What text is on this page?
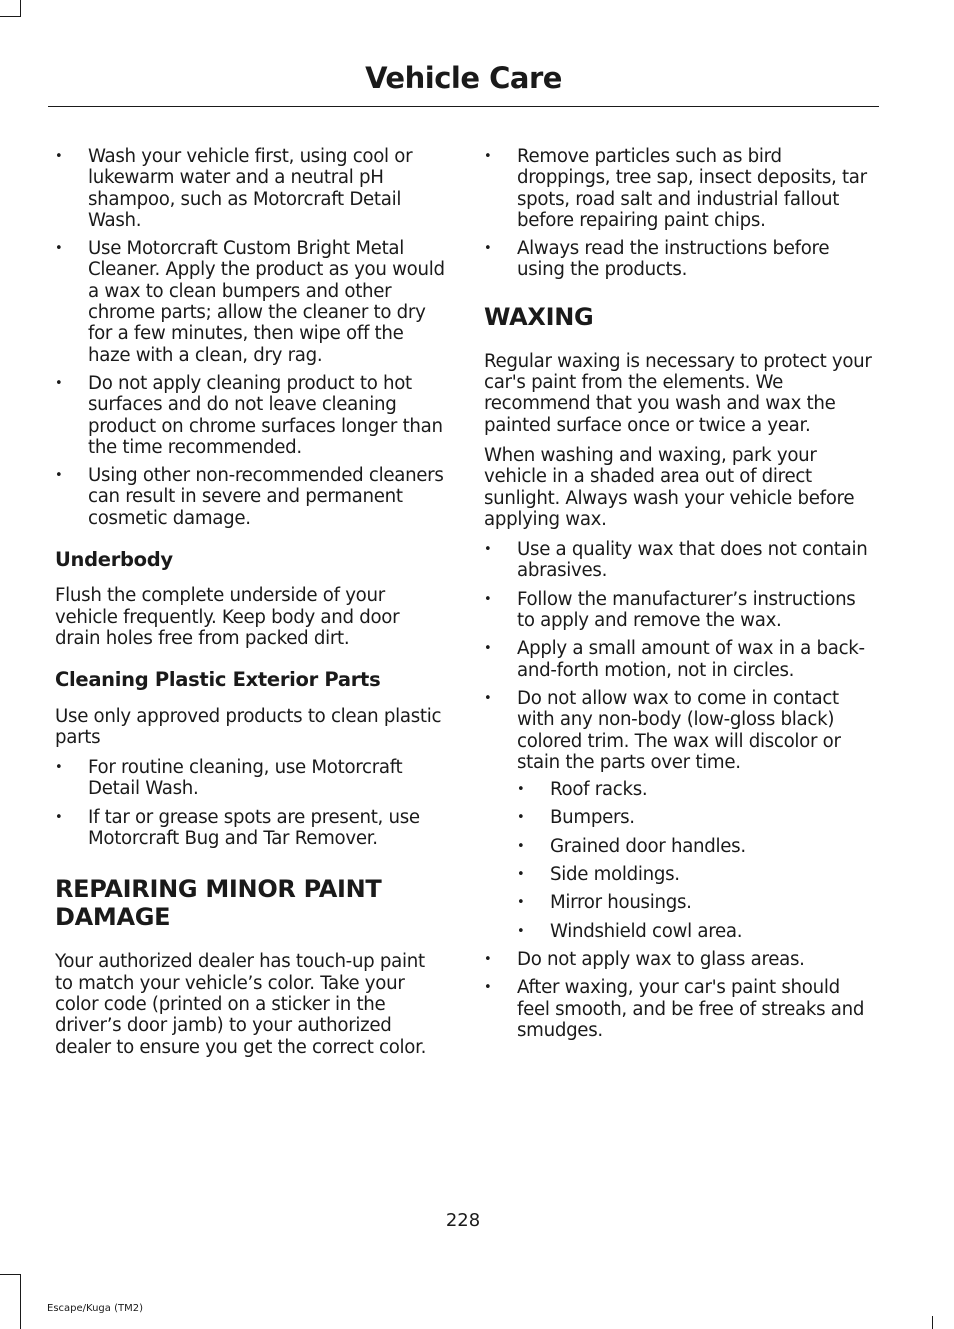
Vehicle Care
• Wash your vehicle first, using cool or lukewarm water and a neutral pH shampoo, such as Motorcraft Detail Wash.
• Use Motorcraft Custom Bright Metal Cleaner. Apply the product as you would a wax to clean bumpers and other chrome parts; allow the cleaner to dry for a few minutes, then wipe off the haze with a clean, dry rag.
• Do not apply cleaning product to hot surfaces and do not leave cleaning product on chrome surfaces longer than the time recommended.
• Using other non-recommended cleaners can result in severe and permanent cosmetic damage.
Underbody

Flush the complete underside of your vehicle frequently. Keep body and door drain holes free from packed dirt.

Cleaning Plastic Exterior Parts

Use only approved products to clean plastic parts

• For routine cleaning, use Motorcraft Detail Wash.
• If tar or grease spots are present, use Motorcraft Bug and Tar Remover.
REPAIRING MINOR PAINT DAMAGE

Your authorized dealer has touch-up paint to match your vehicle’s color. Take your color code (printed on a sticker in the driver’s door jamb) to your authorized dealer to ensure you get the correct color.

• Remove particles such as bird droppings, tree sap, insect deposits, tar spots, road salt and industrial fallout before repairing paint chips.
• Always read the instructions before using the products.
WAXING

Regular waxing is necessary to protect your car's paint from the elements. We recommend that you wash and wax the painted surface once or twice a year.

When washing and waxing, park your vehicle in a shaded area out of direct sunlight. Always wash your vehicle before applying wax.

• Use a quality wax that does not contain abrasives.
• Follow the manufacturer’s instructions to apply and remove the wax.
• Apply a small amount of wax in a back-and-forth motion, not in circles.
• Do not allow wax to come in contact with any non-body (low-gloss black) colored trim. The wax will discolor or stain the parts over time.
• Roof racks.
• Bumpers.
• Grained door handles.
• Side moldings.
• Mirror housings.
• Windshield cowl area.
• Do not apply wax to glass areas.
• After waxing, your car's paint should feel smooth, and be free of streaks and smudges.
228
Escape/Kuga (TM2)
